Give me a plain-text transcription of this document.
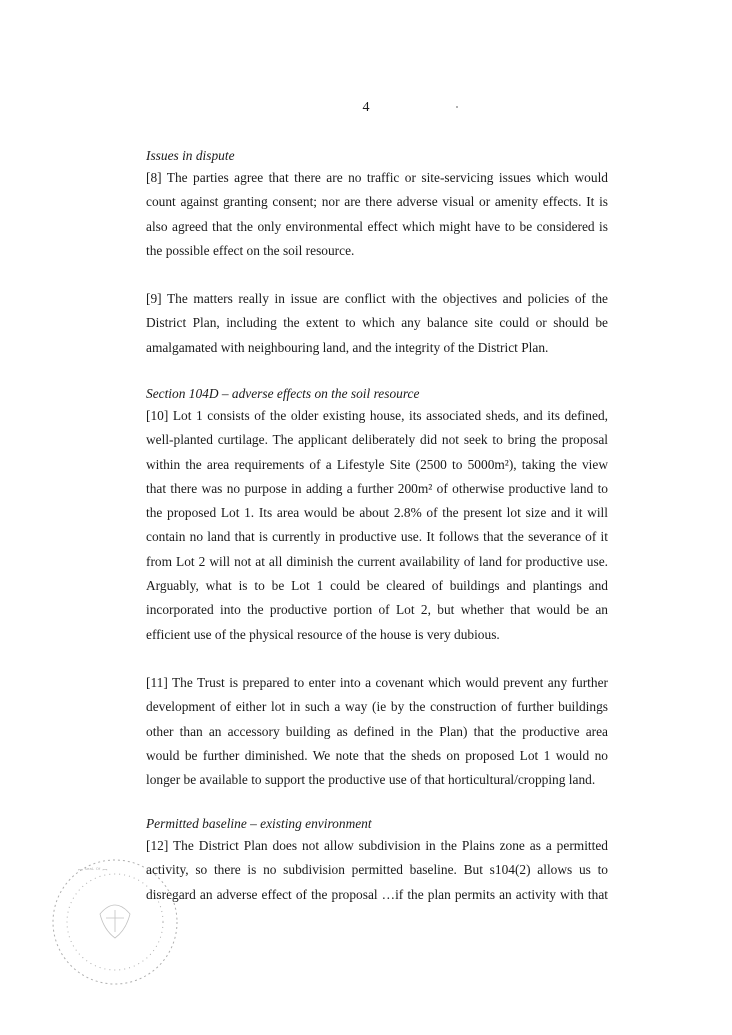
4
Issues in dispute
[8] The parties agree that there are no traffic or site-servicing issues which would
count against granting consent; nor are there adverse visual or amenity effects. It is
also agreed that the only environmental effect which might have to be considered is
the possible effect on the soil resource.
[9] The matters really in issue are conflict with the objectives and policies of the
District Plan, including the extent to which any balance site could or should be
amalgamated with neighbouring land, and the integrity of the District Plan.
Section 104D – adverse effects on the soil resource
[10] Lot 1 consists of the older existing house, its associated sheds, and its defined,
well-planted curtilage. The applicant deliberately did not seek to bring the proposal
within the area requirements of a Lifestyle Site (2500 to 5000m²), taking the view
that there was no purpose in adding a further 200m² of otherwise productive land to
the proposed Lot 1. Its area would be about 2.8% of the present lot size and it will
contain no land that is currently in productive use. It follows that the severance of it
from Lot 2 will not at all diminish the current availability of land for productive use.
Arguably, what is to be Lot 1 could be cleared of buildings and plantings and
incorporated into the productive portion of Lot 2, but whether that would be an
efficient use of the physical resource of the house is very dubious.
[11] The Trust is prepared to enter into a covenant which would prevent any further
development of either lot in such a way (ie by the construction of further buildings
other than an accessory building as defined in the Plan) that the productive area
would be further diminished. We note that the sheds on proposed Lot 1 would no
longer be available to support the productive use of that horticultural/cropping land.
Permitted baseline – existing environment
[12] The District Plan does not allow subdivision in the Plains zone as a permitted
activity, so there is no subdivision permitted baseline. But s104(2) allows us to
disregard an adverse effect of the proposal …if the plan permits an activity with that
ꟷ ˢᵉᵃᴸ ᴼᶠ ꟷ
